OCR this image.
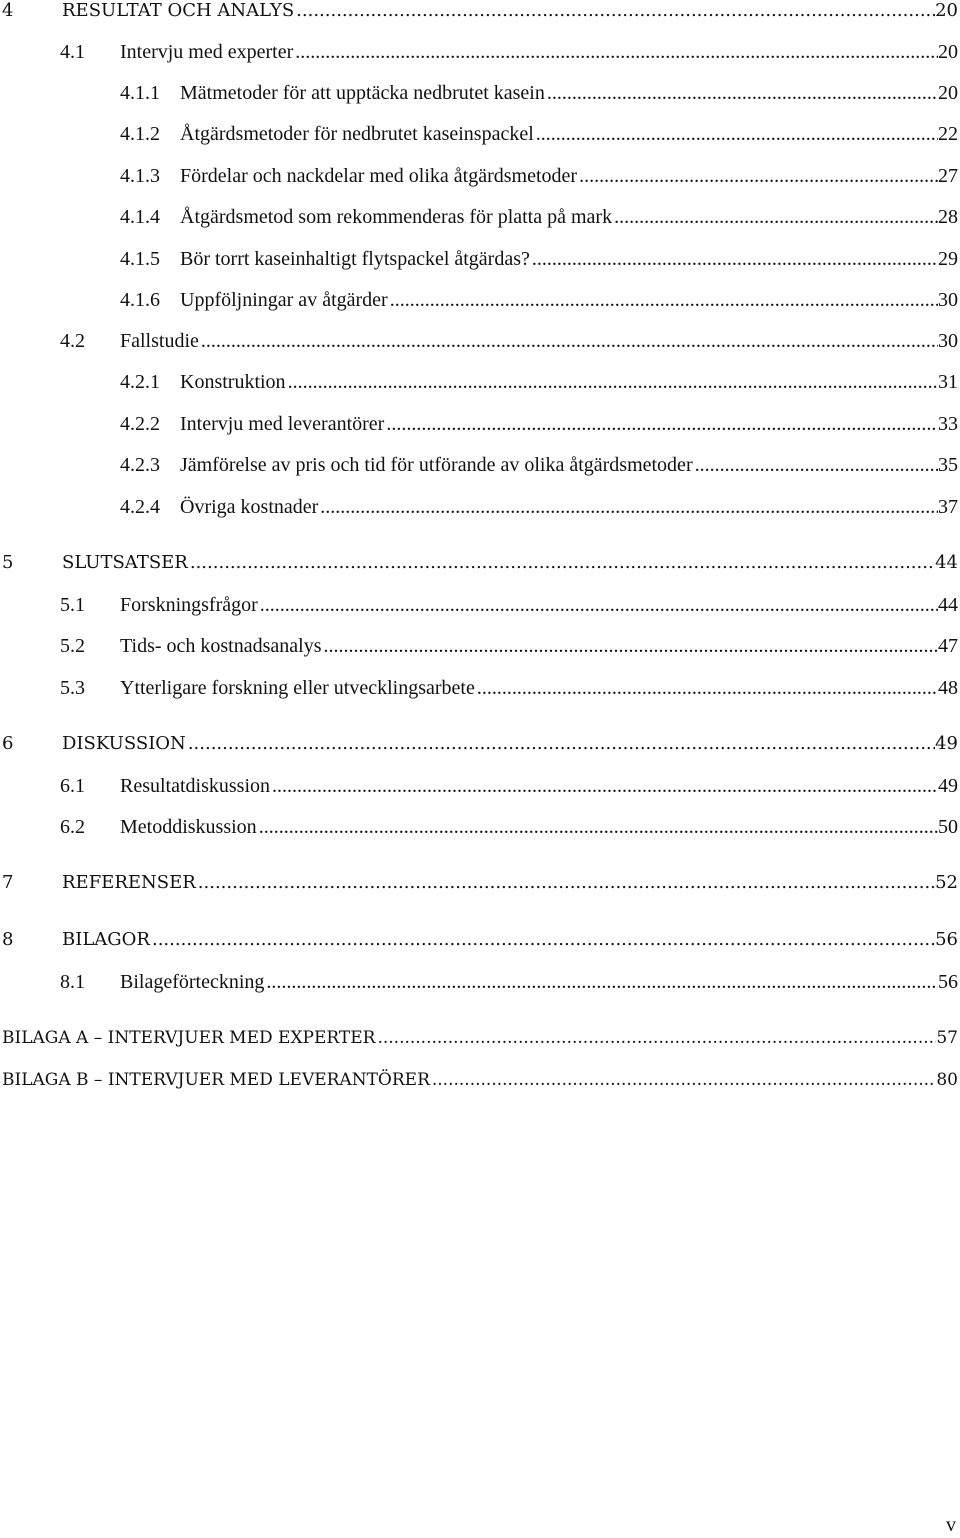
4	RESULTAT OCH ANALYS .....	20
4.1	Intervju med experter .....	20
4.1.1	Mätmetoder för att upptäcka nedbrutet kasein .....	20
4.1.2	Åtgärdsmetoder för nedbrutet kaseinspackel .....	22
4.1.3	Fördelar och nackdelar med olika åtgärdsmetoder .....	27
4.1.4	Åtgärdsmetod som rekommenderas för platta på mark .....	28
4.1.5	Bör torrt kaseinhaltigt flytspackel åtgärdas? .....	29
4.1.6	Uppföljningar av åtgärder .....	30
4.2	Fallstudie .....	30
4.2.1	Konstruktion .....	31
4.2.2	Intervju med leverantörer .....	33
4.2.3	Jämförelse av pris och tid för utförande av olika åtgärdsmetoder .....	35
4.2.4	Övriga kostnader .....	37
5	SLUTSATSER .....	44
5.1	Forskningsfrågor .....	44
5.2	Tids- och kostnadsanalys .....	47
5.3	Ytterligare forskning eller utvecklingsarbete .....	48
6	DISKUSSION .....	49
6.1	Resultatdiskussion .....	49
6.2	Metoddiskussion .....	50
7	REFERENSER .....	52
8	BILAGOR .....	56
8.1	Bilageförteckning .....	56
BILAGA A – INTERVJUER MED EXPERTER .....	57
BILAGA B – INTERVJUER MED LEVERANTÖRER .....	80
v
